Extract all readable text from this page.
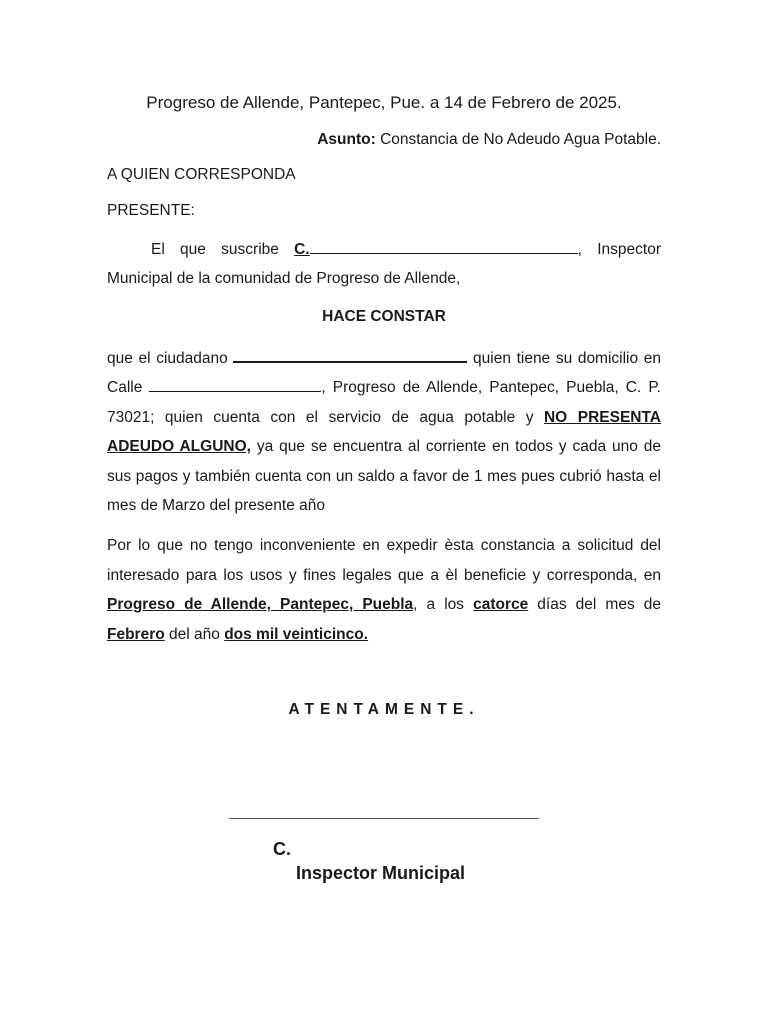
Progreso de Allende, Pantepec, Pue. a 14 de Febrero de 2025.
Asunto: Constancia de No Adeudo Agua Potable.
A QUIEN CORRESPONDA
PRESENTE:

El que suscribe C.	, Inspector Municipal de la comunidad de Progreso de Allende,

HACE CONSTAR

que el ciudadano	quien tiene su domicilio en Calle	, Progreso de Allende, Pantepec, Puebla, C. P. 73021; quien cuenta con el servicio de agua potable y NO PRESENTA ADEUDO ALGUNO, ya que se encuentra al corriente en todos y cada uno de sus pagos y también cuenta con un saldo a favor de 1 mes pues cubrió hasta el mes de Marzo del presente año

Por lo que no tengo inconveniente en expedir èsta constancia a solicitud del interesado para los usos y fines legales que a èl beneficie y corresponda, en Progreso de Allende, Pantepec, Puebla, a los catorce días del mes de Febrero del año dos mil veinticinco.

ATENTAMENTE.
C.
Inspector Municipal
